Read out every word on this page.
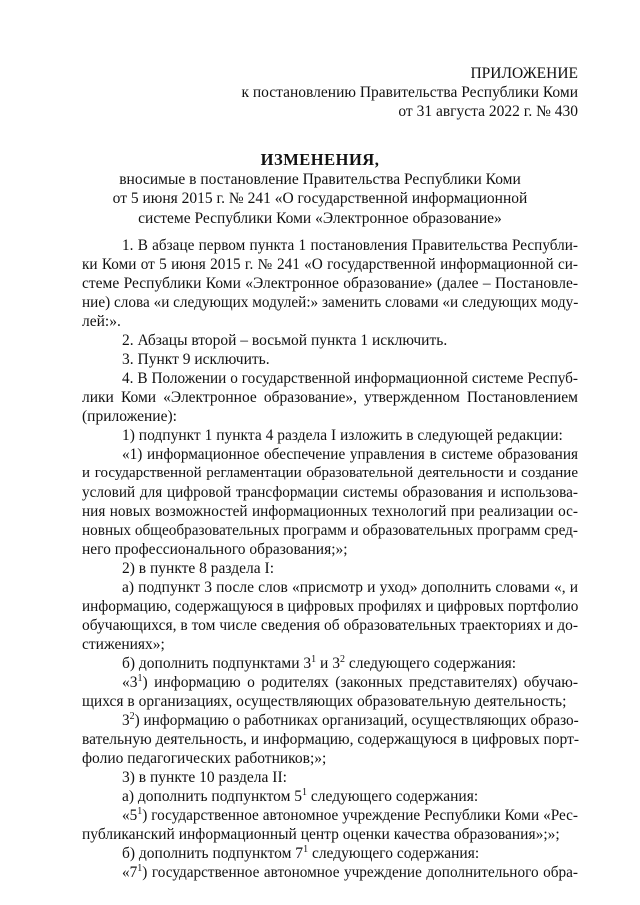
ПРИЛОЖЕНИЕ
к постановлению Правительства Республики Коми
от 31 августа 2022 г. № 430
ИЗМЕНЕНИЯ,
вносимые в постановление Правительства Республики Коми
от 5 июня 2015 г. № 241 «О государственной информационной
системе Республики Коми «Электронное образование»
1. В абзаце первом пункта 1 постановления Правительства Республи-
ки Коми от 5 июня 2015 г. № 241 «О государственной информационной си-
стеме Республики Коми «Электронное образование» (далее – Постановле-
ние) слова «и следующих модулей:» заменить словами «и следующих моду-
лей:».
2. Абзацы второй – восьмой пункта 1 исключить.
3. Пункт 9 исключить.
4. В Положении о государственной информационной системе Респуб-
лики Коми «Электронное образование», утвержденном Постановлением
(приложение):
1) подпункт 1 пункта 4 раздела I изложить в следующей редакции:
«1) информационное обеспечение управления в системе образования
и государственной регламентации образовательной деятельности и создание
условий для цифровой трансформации системы образования и использова-
ния новых возможностей информационных технологий при реализации ос-
новных общеобразовательных программ и образовательных программ сред-
него профессионального образования;»;
2) в пункте 8 раздела I:
а) подпункт 3 после слов «присмотр и уход» дополнить словами «, и
информацию, содержащуюся в цифровых профилях и цифровых портфолио
обучающихся, в том числе сведения об образовательных траекториях и до-
стижениях»;
б) дополнить подпунктами $3^1$ и $3^2$ следующего содержания:
«$3^1$) информацию о родителях (законных представителях) обучаю-
щихся в организациях, осуществляющих образовательную деятельность;
$3^2$) информацию о работниках организаций, осуществляющих образо-
вательную деятельность, и информацию, содержащуюся в цифровых порт-
фолио педагогических работников;»;
3) в пункте 10 раздела II:
а) дополнить подпунктом $5^1$ следующего содержания:
«$5^1$) государственное автономное учреждение Республики Коми «Рес-
публиканский информационный центр оценки качества образования»;»;
б) дополнить подпунктом $7^1$ следующего содержания:
«$7^1$) государственное автономное учреждение дополнительного обра-
